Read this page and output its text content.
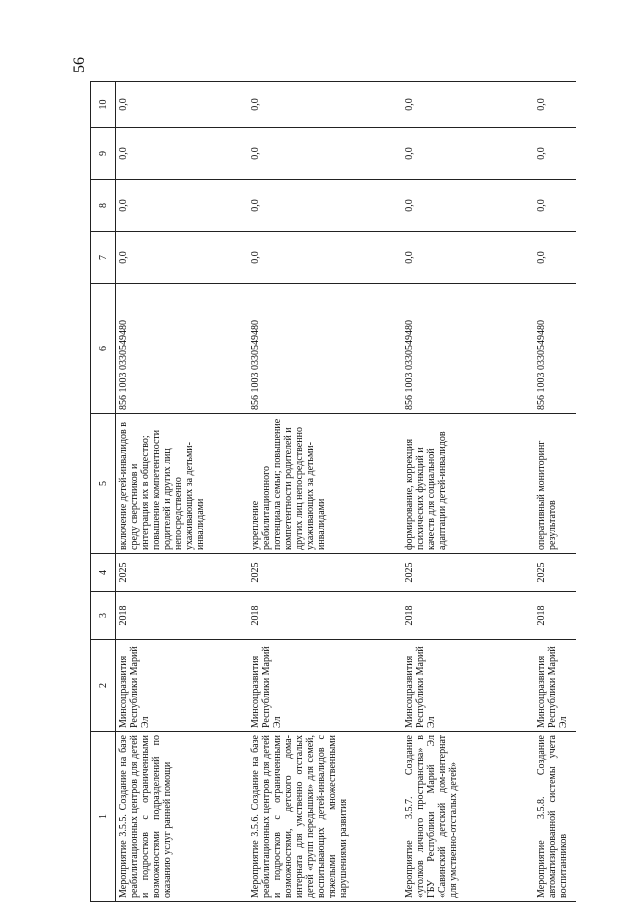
56
1	2	3	4	5	6	7	8	9	10
Мероприятие 3.5.5. Создание на базе реабилитационных центров для детей и подростков с ограниченными возможностями подразделений по оказанию услуг ранней помощи	Минсоцразвития Республики Марий Эл	2018	2025	включение детей-инвалидов в среду сверстников и интеграция их в общество; повышение компетентности родителей и других лиц непосредственно ухаживающих за детьми-инвалидами	856 1003 0330549480	0,0	0,0	0,0	0,0
Мероприятие 3.5.6. Создание на базе реабилитационных центров для детей и подростков с ограниченными возможностями, детского дома-интерната для умственно отсталых детей «групп передышки» для семей, воспитывающих детей-инвалидов с тяжелыми множественными нарушениями развития	Минсоцразвития Республики Марий Эл	2018	2025	укрепление реабилитационного потенциала семьи; повышение компетентности родителей и других лиц непосредственно ухаживающих за детьми-инвалидами	856 1003 0330549480	0,0	0,0	0,0	0,0
Мероприятие 3.5.7. Создание «уголков личного пространства» в ГБУ Республики Марий Эл «Савинский детский дом-интернат для умственно-отсталых детей»	Минсоцразвития Республики Марий Эл	2018	2025	формирование, коррекция психических функций и качеств для социальной адаптации детей-инвалидов	856 1003 0330549480	0,0	0,0	0,0	0,0
Мероприятие 3.5.8. Создание автоматизированной системы учета воспитанников	Минсоцразвития Республики Марий Эл	2018	2025	оперативный мониторинг результатов	856 1003 0330549480	0,0	0,0	0,0	0,0
